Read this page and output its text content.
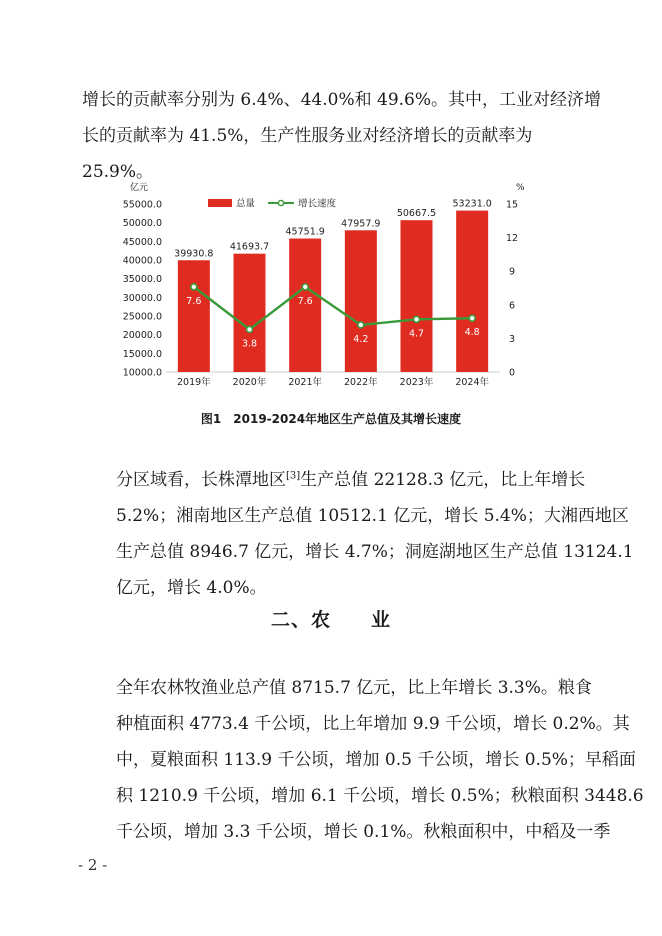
增长的贡献率分别为 6.4%、44.0%和 49.6%。其中，工业对经济增
长的贡献率为 41.5%，生产性服务业对经济增长的贡献率为
25.9%。
亿元	%
10000.0
15000.0
20000.0
25000.0
30000.0
35000.0
40000.0
45000.0
50000.0
55000.0
0
3
6
9
12
15
39930.8
2019年
41693.7
2020年
45751.9
2021年
47957.9
2022年
50667.5
2023年
53231.0
2024年
7.6
3.8
7.6
4.2
4.7	4.8
总量	增长速度
图1 2019-2024年地区生产总值及其增长速度
分区域看，长株潭地区[3]生产总值 22128.3 亿元，比上年增长
5.2%；湘南地区生产总值 10512.1 亿元，增长 5.4%；大湘西地区
生产总值 8946.7 亿元，增长 4.7%；洞庭湖地区生产总值 13124.1
亿元，增长 4.0%。
二、农　　业
全年农林牧渔业总产值 8715.7 亿元，比上年增长 3.3%。粮食
种植面积 4773.4 千公顷，比上年增加 9.9 千公顷，增长 0.2%。其
中，夏粮面积 113.9 千公顷，增加 0.5 千公顷，增长 0.5%；早稻面
积 1210.9 千公顷，增加 6.1 千公顷，增长 0.5%；秋粮面积 3448.6
千公顷，增加 3.3 千公顷，增长 0.1%。秋粮面积中，中稻及一季
- 2 -
